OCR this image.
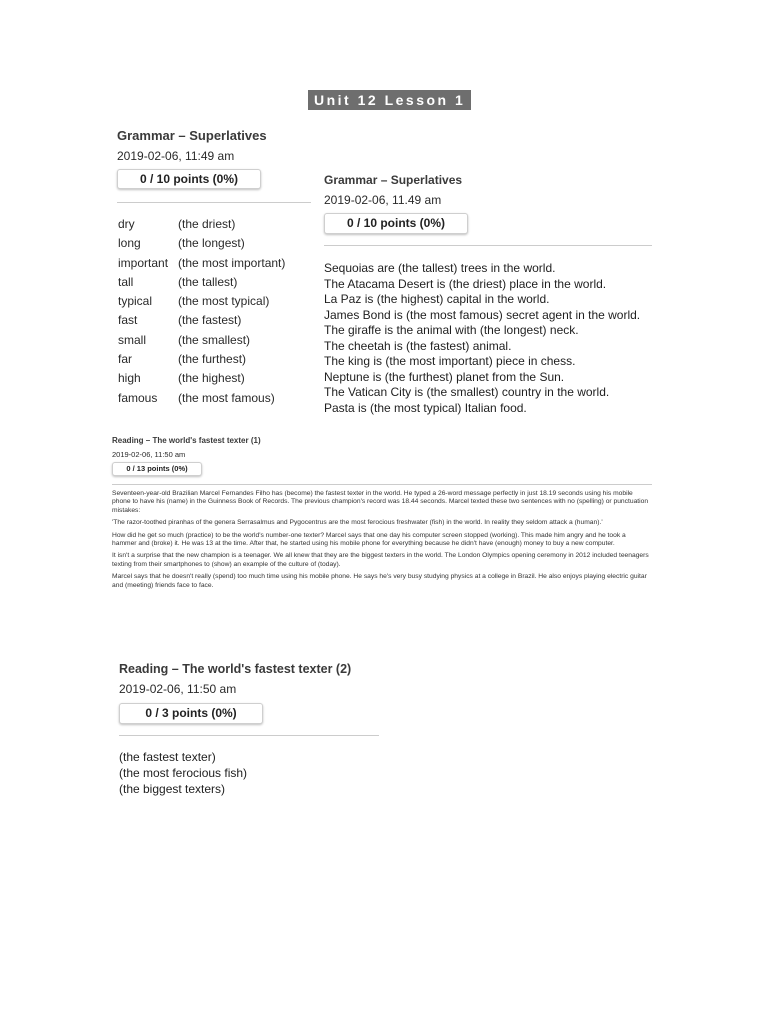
Unit 12 Lesson 1
Grammar – Superlatives
2019-02-06, 11:49 am
0 / 10 points (0%)
dry	(the driest)
long	(the longest)
important (the most important)
tall	(the tallest)
typical (the most typical)
fast	(the fastest)
small	(the smallest)
far	(the furthest)
high	(the highest)
famous (the most famous)
Grammar – Superlatives
2019-02-06, 11.49 am
0 / 10 points (0%)
Sequoias are (the tallest) trees in the world.
The Atacama Desert is (the driest) place in the world.
La Paz is (the highest) capital in the world.
James Bond is (the most famous) secret agent in the world.
The giraffe is the animal with (the longest) neck.
The cheetah is (the fastest) animal.
The king is (the most important) piece in chess.
Neptune is (the furthest) planet from the Sun.
The Vatican City is (the smallest) country in the world.
Pasta is (the most typical) Italian food.
Reading – The world's fastest texter (1)
2019-02-06, 11:50 am
0 / 13 points (0%)

Seventeen-year-old Brazilian Marcel Fernandes Filho has (become) the fastest texter in the world. He typed a 26-word message perfectly in just 18.19 seconds using his mobile phone to have his (name) in the Guinness Book of Records. The previous champion's record was 18.44 seconds. Marcel texted these two sentences with no (spelling) or punctuation mistakes:

'The razor-toothed piranhas of the genera Serrasalmus and Pygocentrus are the most ferocious freshwater (fish) in the world. In reality they seldom attack a (human).'

How did he get so much (practice) to be the world's number-one texter? Marcel says that one day his computer screen stopped (working). This made him angry and he took a hammer and (broke) it. He was 13 at the time. After that, he started using his mobile phone for everything because he didn't have (enough) money to buy a new computer.

It isn't a surprise that the new champion is a teenager. We all knew that they are the biggest texters in the world. The London Olympics opening ceremony in 2012 included teenagers texting from their smartphones to (show) an example of the culture of (today).

Marcel says that he doesn't really (spend) too much time using his mobile phone. He says he's very busy studying physics at a college in Brazil. He also enjoys playing electric guitar and (meeting) friends face to face.

Reading – The world's fastest texter (2)
2019-02-06, 11:50 am
0 / 3 points (0%)
(the fastest texter)
(the most ferocious fish)
(the biggest texters)
